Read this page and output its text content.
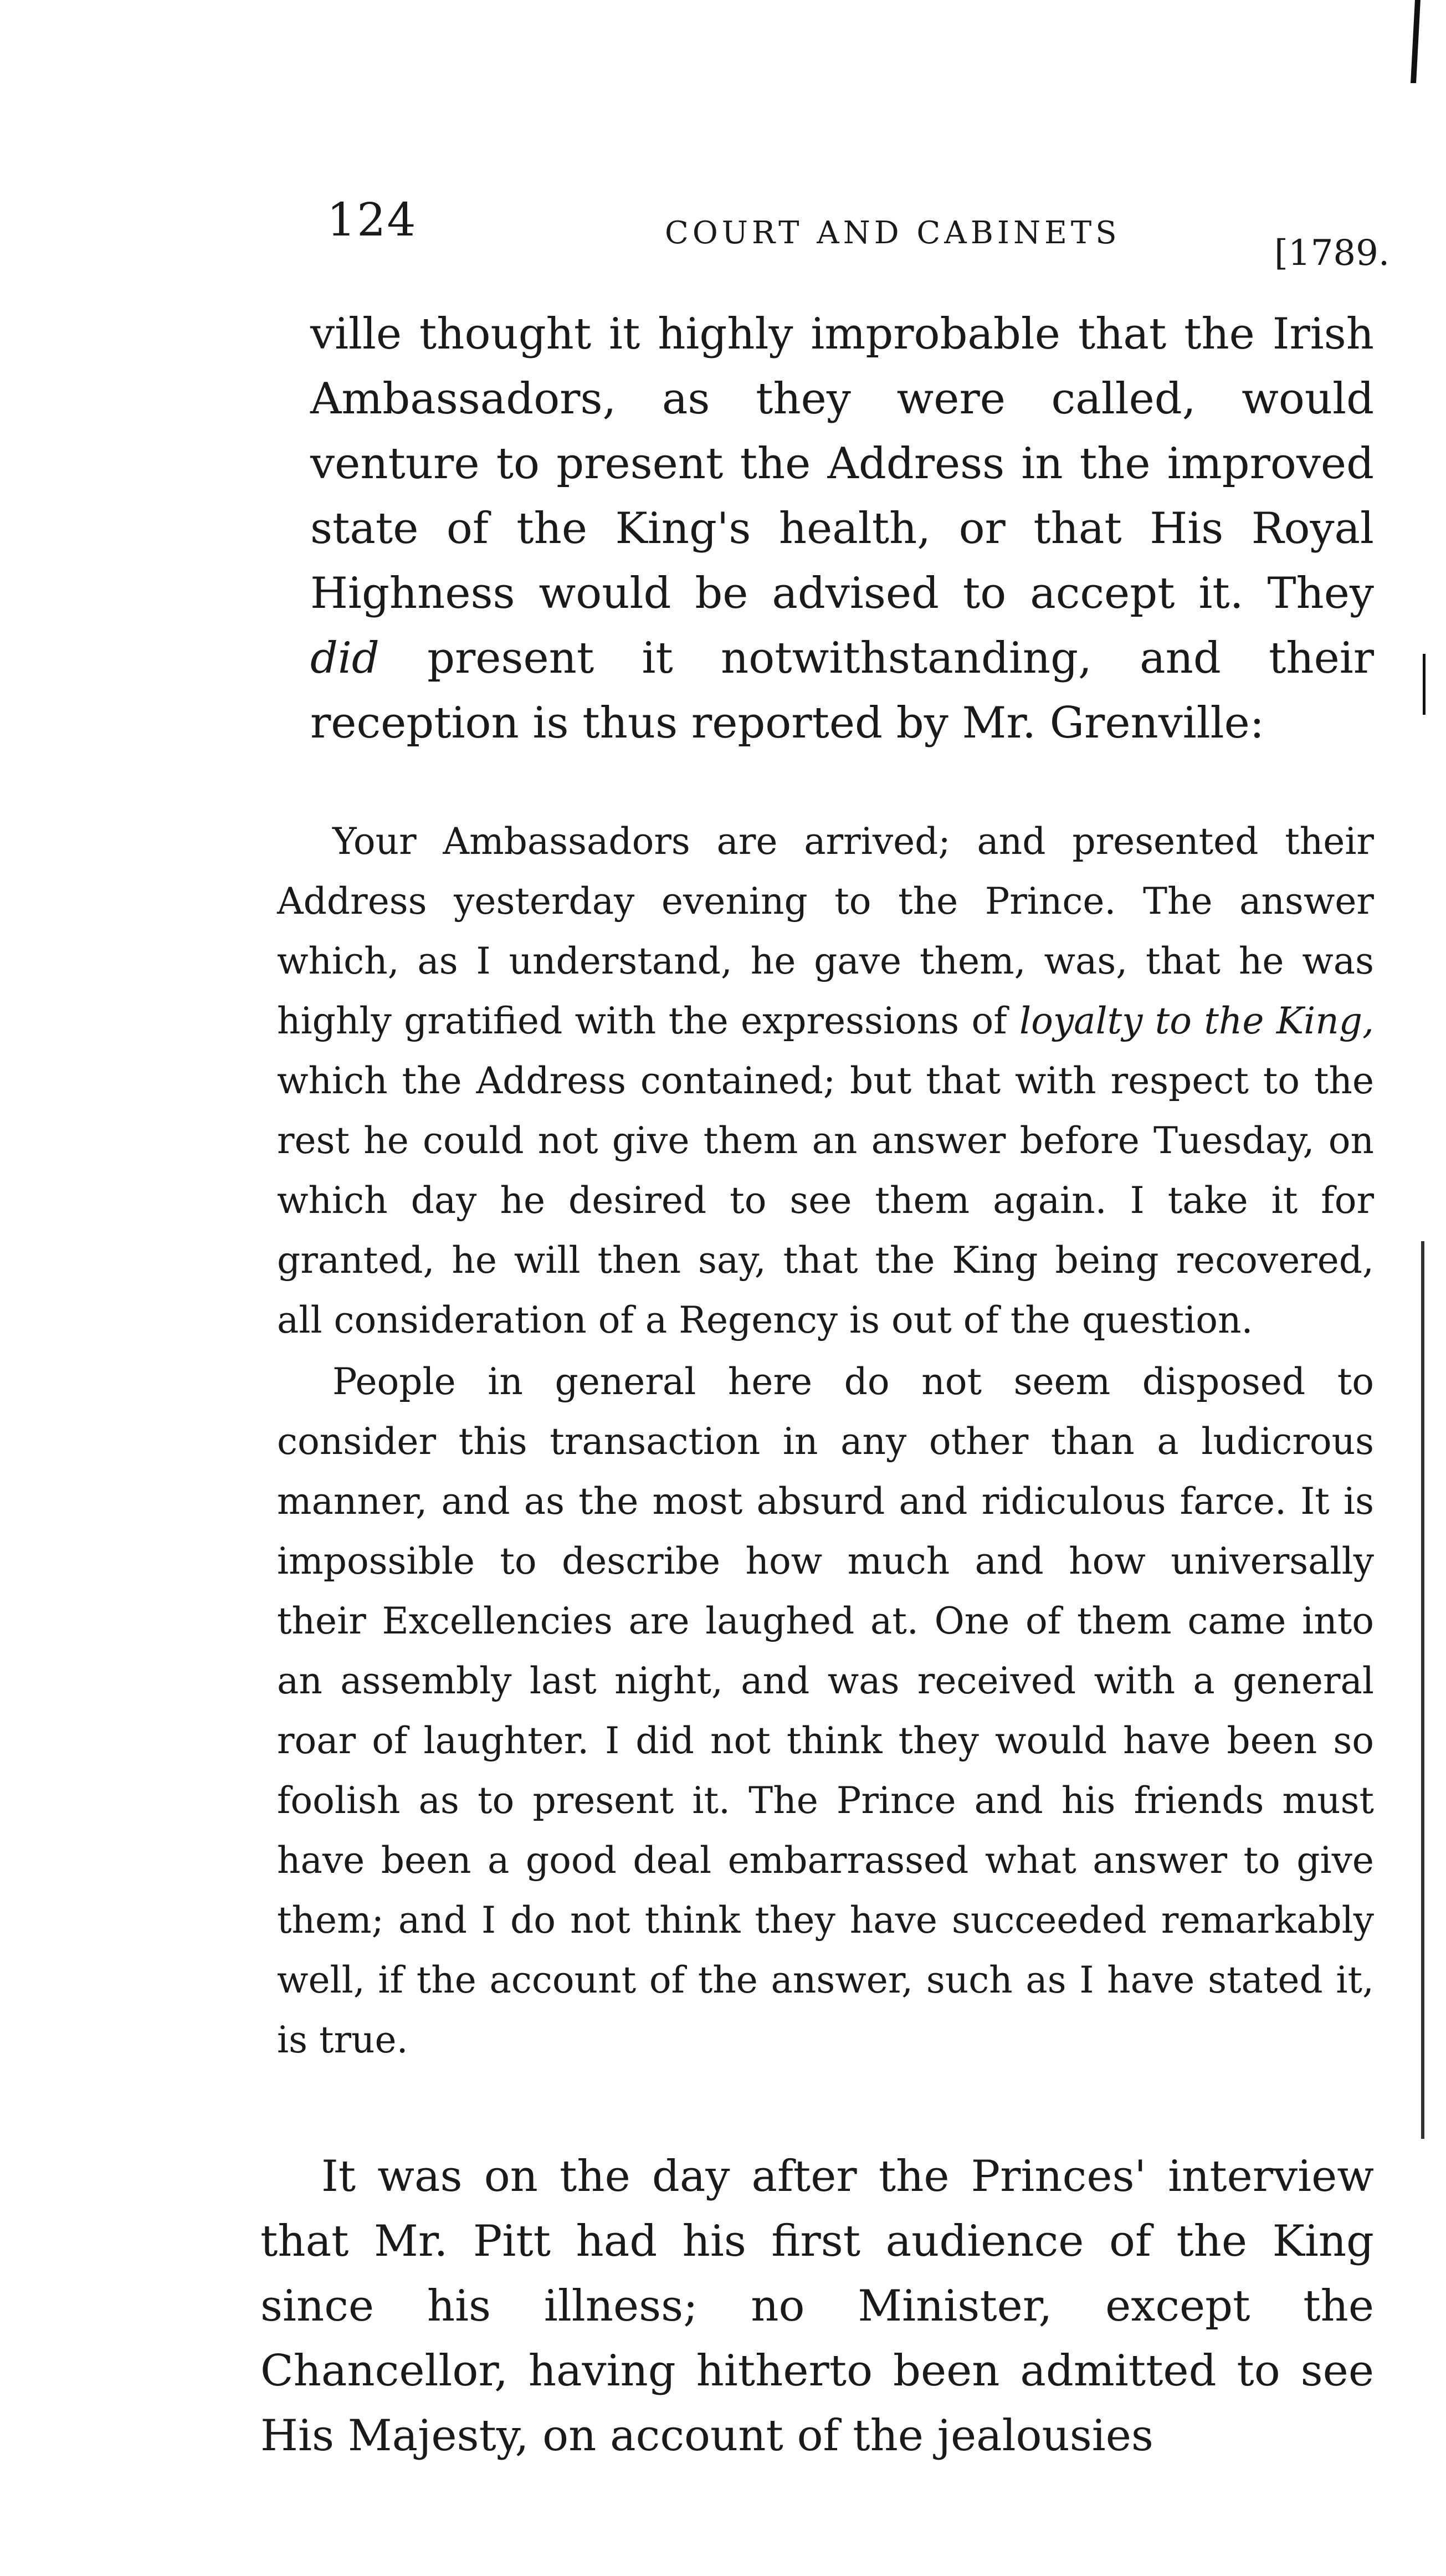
124	COURT AND CABINETS	[1789.

ville thought it highly improbable that the Irish Ambassadors, as they were called, would venture to present the Address in the improved state of the King's health, or that His Royal Highness would be advised to accept it. They did present it notwithstanding, and their reception is thus reported by Mr. Grenville:

Your Ambassadors are arrived; and presented their Address yesterday evening to the Prince. The answer which, as I understand, he gave them, was, that he was highly gratified with the expressions of loyalty to the King, which the Address contained; but that with respect to the rest he could not give them an answer before Tuesday, on which day he desired to see them again. I take it for granted, he will then say, that the King being recovered, all consideration of a Regency is out of the question.

People in general here do not seem disposed to consider this transaction in any other than a ludicrous manner, and as the most absurd and ridiculous farce. It is impossible to describe how much and how universally their Excellencies are laughed at. One of them came into an assembly last night, and was received with a general roar of laughter. I did not think they would have been so foolish as to present it. The Prince and his friends must have been a good deal embarrassed what answer to give them; and I do not think they have succeeded remarkably well, if the account of the answer, such as I have stated it, is true.

It was on the day after the Princes' interview that Mr. Pitt had his first audience of the King since his illness; no Minister, except the Chancellor, having hitherto been admitted to see His Majesty, on account of the jealousies
